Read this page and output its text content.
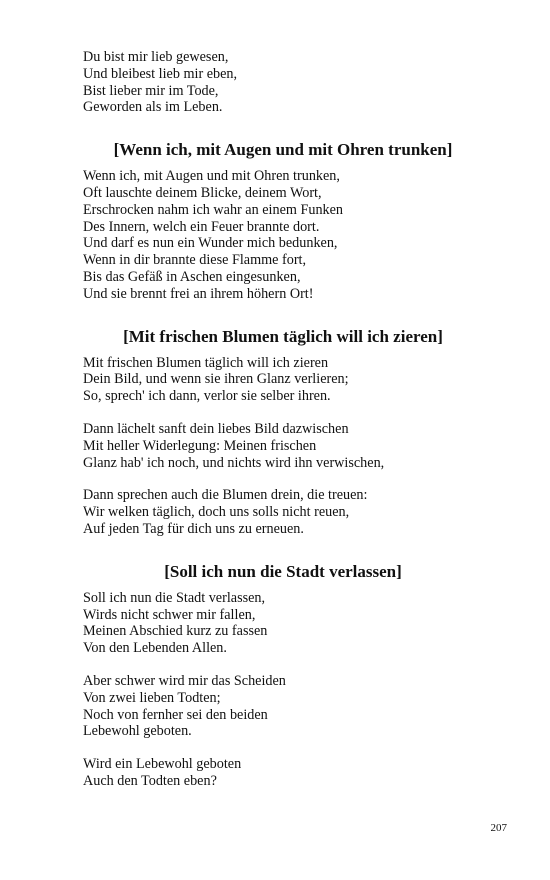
Du bist mir lieb gewesen,
Und bleibest lieb mir eben,
Bist lieber mir im Tode,
Geworden als im Leben.
[Wenn ich, mit Augen und mit Ohren trunken]
Wenn ich, mit Augen und mit Ohren trunken,
Oft lauschte deinem Blicke, deinem Wort,
Erschrocken nahm ich wahr an einem Funken
Des Innern, welch ein Feuer brannte dort.
Und darf es nun ein Wunder mich bedunken,
Wenn in dir brannte diese Flamme fort,
Bis das Gefäß in Aschen eingesunken,
Und sie brennt frei an ihrem höhern Ort!
[Mit frischen Blumen täglich will ich zieren]
Mit frischen Blumen täglich will ich zieren
Dein Bild, und wenn sie ihren Glanz verlieren;
So, sprech' ich dann, verlor sie selber ihren.
Dann lächelt sanft dein liebes Bild dazwischen
Mit heller Widerlegung: Meinen frischen
Glanz hab' ich noch, und nichts wird ihn verwischen,
Dann sprechen auch die Blumen drein, die treuen:
Wir welken täglich, doch uns solls nicht reuen,
Auf jeden Tag für dich uns zu erneuen.
[Soll ich nun die Stadt verlassen]
Soll ich nun die Stadt verlassen,
Wirds nicht schwer mir fallen,
Meinen Abschied kurz zu fassen
Von den Lebenden Allen.
Aber schwer wird mir das Scheiden
Von zwei lieben Todten;
Noch von fernher sei den beiden
Lebewohl geboten.
Wird ein Lebewohl geboten
Auch den Todten eben?
207
